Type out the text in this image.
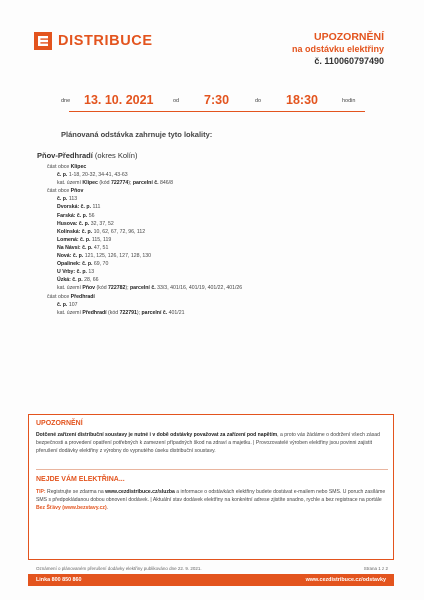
DISTRIBUCE	UPOZORNĚNÍ
na odstávku elektřiny
č. 110060797490
dne 13. 10. 2021	od 7:30	do 18:30	hodin
Plánovaná odstávka zahrnuje tyto lokality:
Pňov-Předhradí (okres Kolín)
část obce Klipec
č. p. 1-18, 20-32, 34-41, 43-63
kat. území Klipec (kód 722774); parcelní č. 846/8
část obce Pňov
č. p. 113
Dvorská: č. p. 111
Farská: č. p. 56
Husova: č. p. 32, 37, 52
Kolínská: č. p. 10, 62, 67, 72, 96, 112
Lomená: č. p. 115, 119
Na Návsi: č. p. 47, 51
Nová: č. p. 121, 125, 126, 127, 128, 130
Opalinek: č. p. 69, 70
U Vrby: č. p. 13
Úzká: č. p. 28, 66
kat. území Pňov (kód 722782); parcelní č. 33/3, 401/16, 401/19, 401/22, 401/26
část obce Předhradí
č. p. 107
kat. území Předhradí (kód 722791); parcelní č. 401/21
UPOZORNĚNÍ
Dotčené zařízení distribuční soustavy je nutné i v době odstávky považovat za zařízení pod napětím, a proto vás žádáme o dodržení všech zásad bezpečnosti a provedení opatření potřebných k zamezení případných škod na zdraví a majetku. | Provozovatelé výroben elektřiny jsou povinni zajistit přerušení dodávky elektřiny z výrobny do vypnutého úseku distribuční soustavy.
NEJDE VÁM ELEKTŘINA...
TIP: Registrujte se zdarma na www.cezdistribuce.cz/sluzba a informace o odstávkách elektřiny budete dostávat e-mailem nebo SMS. U poruch zasíláme SMS s předpokládanou dobou obnovení dodávek. | Aktuální stav dodávek elektřiny na konkrétní adrese zjistíte snadno, rychle a bez registrace na portále Bez Šťávy (www.bezstavy.cz).
Oznámení o plánovaném přerušení dodávky elektřiny publikováno dne 22. 9. 2021.	Strana 1 z 2
Linka 800 850 860	www.cezdistribuce.cz/odstavky
